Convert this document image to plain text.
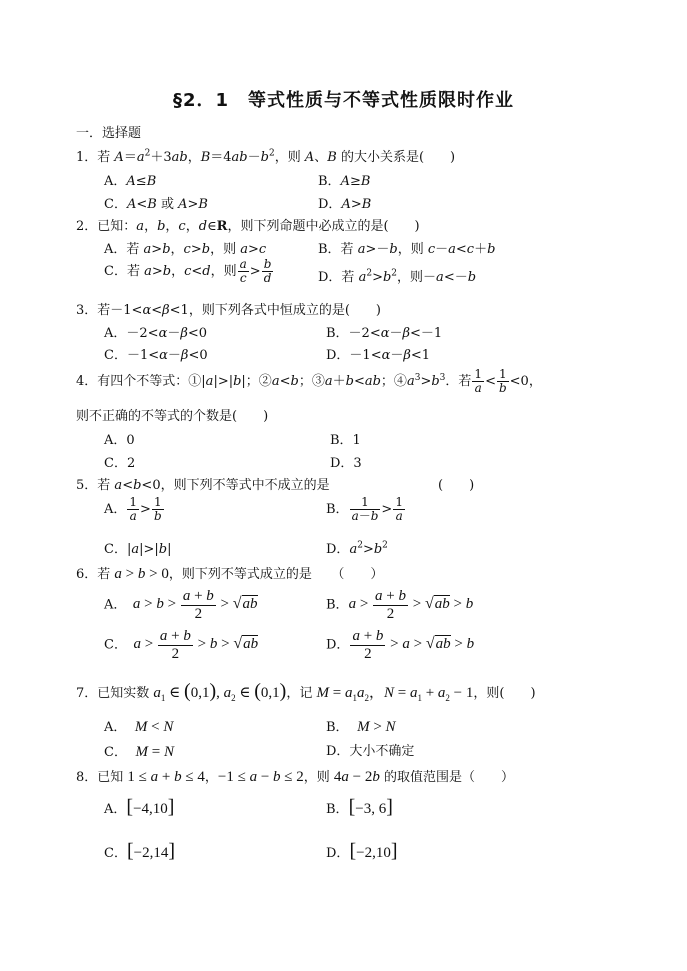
§2．1　等式性质与不等式性质限时作业
一．选择题
1．若 $A=a^2+3ab$，$B=4ab-b^2$，则 A、B 的大小关系是(　　)
A．A≤B	B．A≥B
C．A<B 或 A>B	D．A>B
2．已知：a，b，c，d∈R，则下列命题中必成立的是(　　)
A．若 a>b，c>b，则 a>c	B．若 a>－b，则 c－a<c＋b
C．若 a>b，c<d，则 $\frac{a}{c} > \frac{b}{d}$	D．若 $a^2>b^2$，则－a<－b
3．若－1<α<β<1，则下列各式中恒成立的是(　　)
A．－2<α－β<0	B．－2<α－β<－1
C．－1<α－β<0	D．－1<α－β<1
4．有四个不等式：①|a|>|b|；②a<b；③a＋b<ab；$④a^3>b^3$．若 $\frac{1}{a} < \frac{1}{b} <0$，
则不正确的不等式的个数是(　　)
A．0	B．1
C．2	D．3
5．若 a<b<0，则下列不等式中不成立的是	(　　)
A． $\frac{1}{a} > \frac{1}{b}$	B． $\frac{1}{a-b} > \frac{1}{a}$
C．|a|>|b|	D．$a^2>b^2$
6．若 a > b > 0，则下列不等式成立的是　　（　　）
A．　$a > b > \frac{a + b}{2} > √ab$	B．$a > \frac{a + b}{2} > √ab > b$
C．　$a > \frac{a + b}{2} > b > √ab$	D． $\frac{a + b}{2} > a > √ab > b$
7．已知实数 $a_1$ ∈ (0,1), $a_2$ ∈ (0,1)，记 $M = a_1a_2$，$N = a_1 + a_2 - 1$，则(　　)
A．　 M < N	B．　 M > N
C．　 M = N	D．大小不确定
8．已知 1 ≤ a + b ≤ 4，−1 ≤ a − b ≤ 2，则 4a − 2b 的取值范围是（　　）
A．[−4,10]	B．[−3, 6]
C．[−2,14]	D．[−2,10]
